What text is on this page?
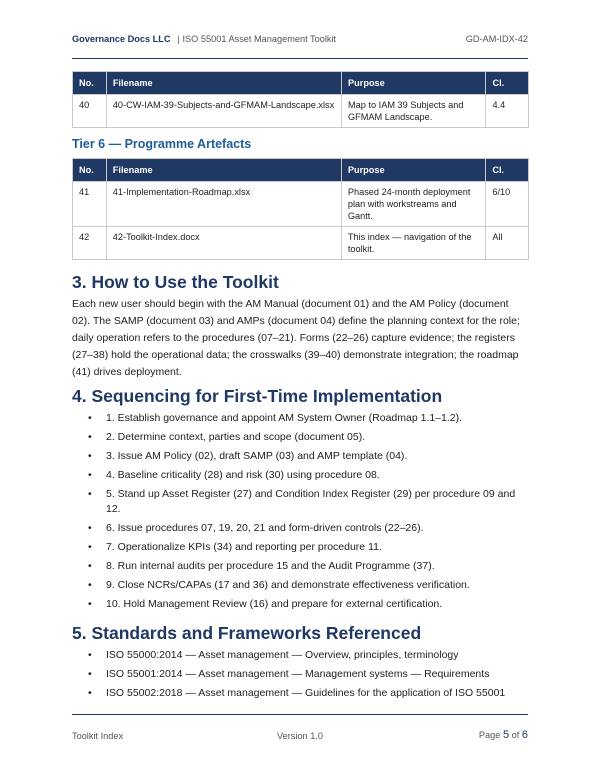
Governance Docs LLC | ISO 55001 Asset Management Toolkit	GD-AM-IDX-42
No.	Filename	Purpose	Cl.
40	40-CW-IAM-39-Subjects-and-GFMAM-Landscape.xlsx	Map to IAM 39 Subjects and GFMAM Landscape.	4.4
Tier 6 — Programme Artefacts
No.	Filename	Purpose	Cl.
41	41-Implementation-Roadmap.xlsx	Phased 24-month deployment plan with workstreams and Gantt.	6/10
42	42-Toolkit-Index.docx	This index — navigation of the toolkit.	All
3. How to Use the Toolkit

Each new user should begin with the AM Manual (document 01) and the AM Policy (document 02). The SAMP (document 03) and AMPs (document 04) define the planning context for the role; daily operation refers to the procedures (07–21). Forms (22–26) capture evidence; the registers (27–38) hold the operational data; the crosswalks (39–40) demonstrate integration; the roadmap (41) drives deployment.

4. Sequencing for First-Time Implementation
• 1. Establish governance and appoint AM System Owner (Roadmap 1.1–1.2).
• 2. Determine context, parties and scope (document 05).
• 3. Issue AM Policy (02), draft SAMP (03) and AMP template (04).
• 4. Baseline criticality (28) and risk (30) using procedure 08.
• 5. Stand up Asset Register (27) and Condition Index Register (29) per procedure 09 and 12.
• 6. Issue procedures 07, 19, 20, 21 and form-driven controls (22–26).
• 7. Operationalize KPIs (34) and reporting per procedure 11.
• 8. Run internal audits per procedure 15 and the Audit Programme (37).
• 9. Close NCRs/CAPAs (17 and 36) and demonstrate effectiveness verification.
• 10. Hold Management Review (16) and prepare for external certification.
5. Standards and Frameworks Referenced
• ISO 55000:2014 — Asset management — Overview, principles, terminology
• ISO 55001:2014 — Asset management — Management systems — Requirements
• ISO 55002:2018 — Asset management — Guidelines for the application of ISO 55001
Toolkit Index	Version 1.0	Page 5 of 6
